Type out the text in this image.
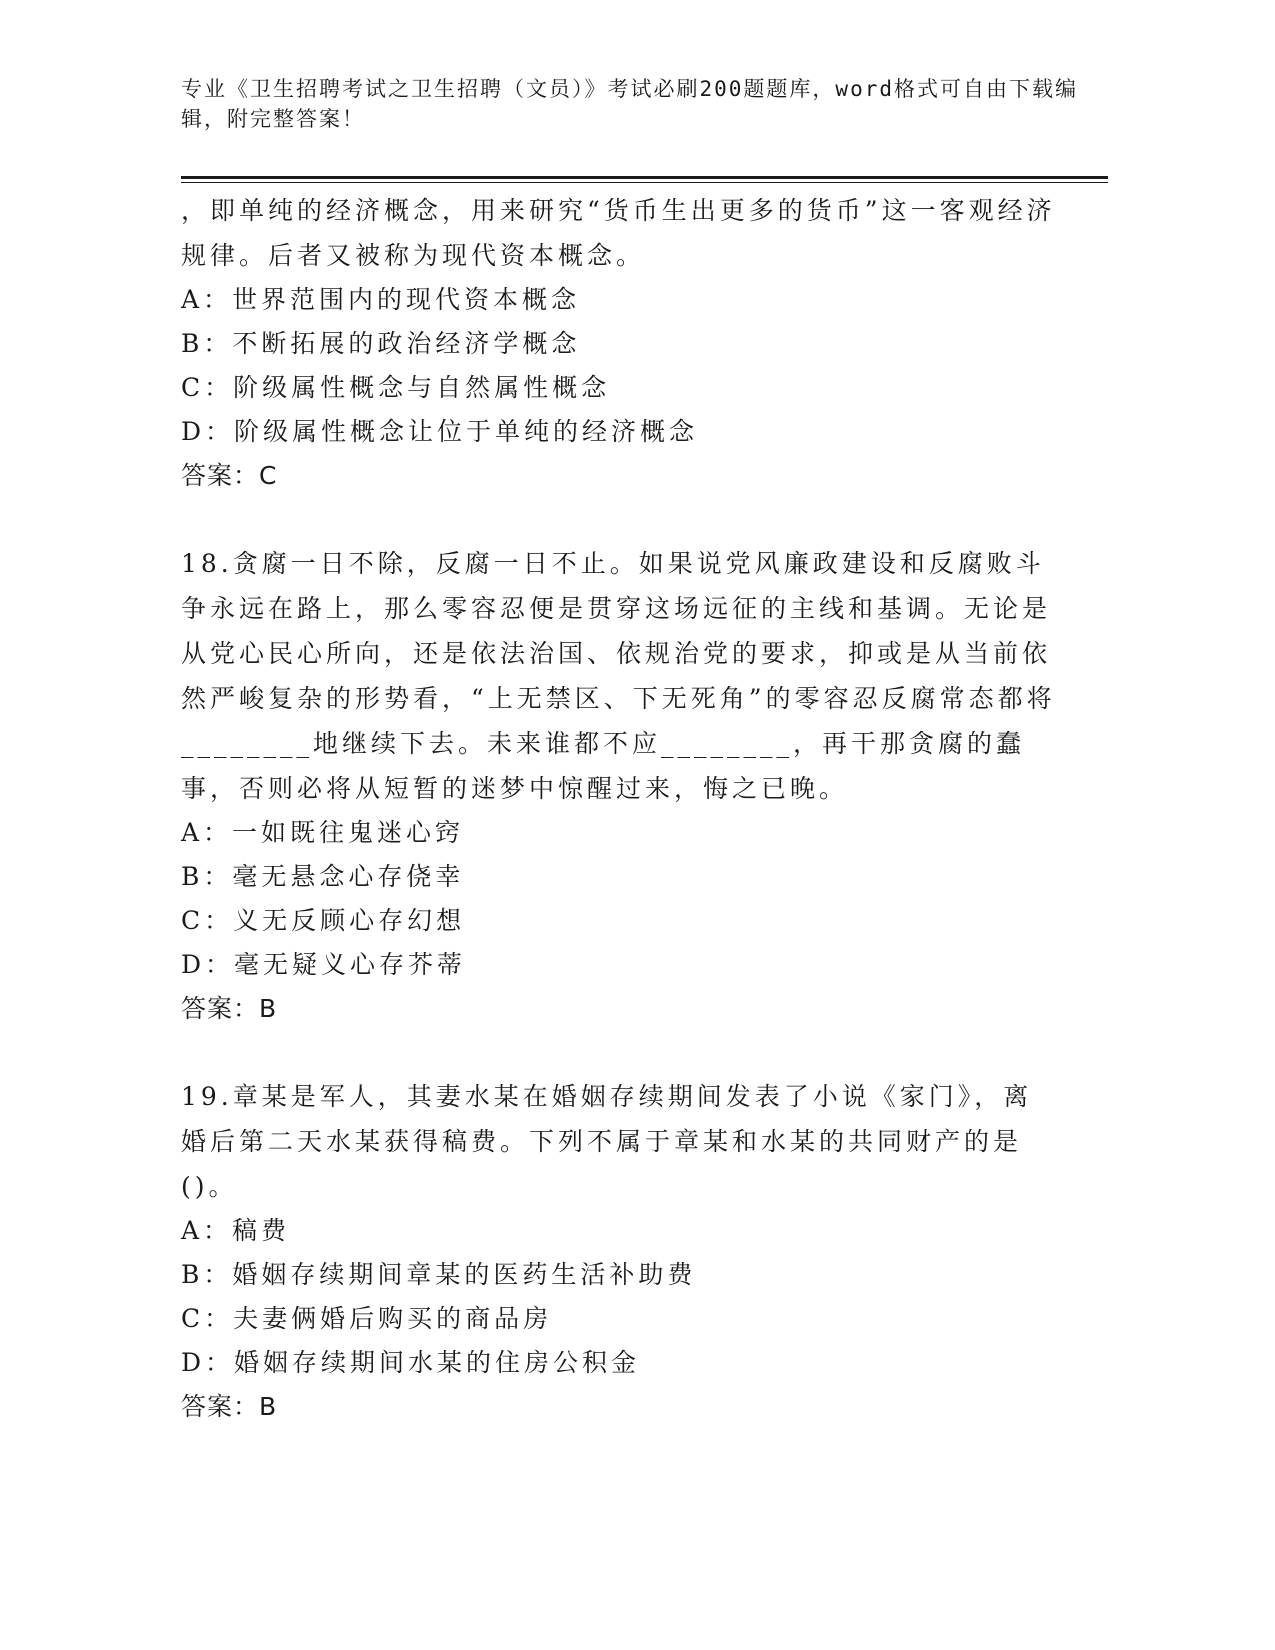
专业《卫生招聘考试之卫生招聘（文员）》考试必刷200题题库，word格式可自由下载编辑，附完整答案！

，即单纯的经济概念，用来研究“货币生出更多的货币”这一客观经济规律。后者又被称为现代资本概念。

A：世界范围内的现代资本概念

B：不断拓展的政治经济学概念

C：阶级属性概念与自然属性概念

D：阶级属性概念让位于单纯的经济概念

答案：C

18.贪腐一日不除，反腐一日不止。如果说党风廉政建设和反腐败斗争永远在路上，那么零容忍便是贯穿这场远征的主线和基调。无论是从党心民心所向，还是依法治国、依规治党的要求，抑或是从当前依然严峻复杂的形势看，“上无禁区、下无死角”的零容忍反腐常态都将________地继续下去。未来谁都不应________，再干那贪腐的蠢事，否则必将从短暂的迷梦中惊醒过来，悔之已晚。

A：一如既往鬼迷心窍

B：毫无悬念心存侥幸

C：义无反顾心存幻想

D：毫无疑义心存芥蒂

答案：B

19.章某是军人，其妻水某在婚姻存续期间发表了小说《家门》，离婚后第二天水某获得稿费。下列不属于章某和水某的共同财产的是()。

A：稿费

B：婚姻存续期间章某的医药生活补助费

C：夫妻俩婚后购买的商品房

D：婚姻存续期间水某的住房公积金

答案：B
